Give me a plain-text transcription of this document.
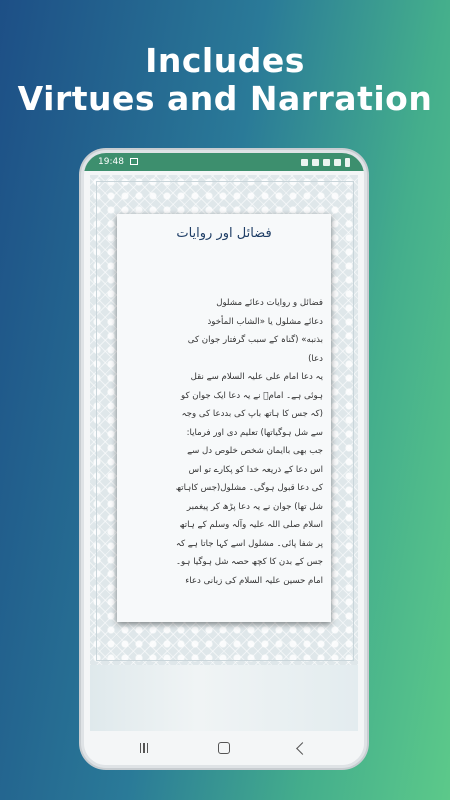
Includes
Virtues and Narration
19:48
فضائل اور روایات
فضائل و روایات دعائے مشلول
دعائے مشلول یا «الشاب المأخوذ
بذنبه» (گناہ کے سبب گرفتار جوان کی
دعا)
یہ دعا امام علی علیہ السلام سے نقل
ہوئی ہے۔ امامؑ نے یہ دعا ایک جوان کو
(کہ جس کا ہاتھ باپ کی بددعا کی وجہ
سے شل ہوگیاتھا) تعلیم دی اور فرمایا:
جب بھی باایمان شخص خلوص دل سے
اس دعا کے ذریعہ خدا کو پکارے تو اس
کی دعا قبول ہوگی۔ مشلول(جس کاہاتھ
شل تھا) جوان نے یہ دعا پڑھ کر پیغمبر
اسلام صلی اللہ علیہ وآلہ وسلم کے ہاتھ
پر شفا پائی۔ مشلول اسے کہا جاتا ہے کہ
جس کے بدن کا کچھ حصہ شل ہوگیا ہو۔
امام حسین علیہ السلام کی زبانی دعاء
